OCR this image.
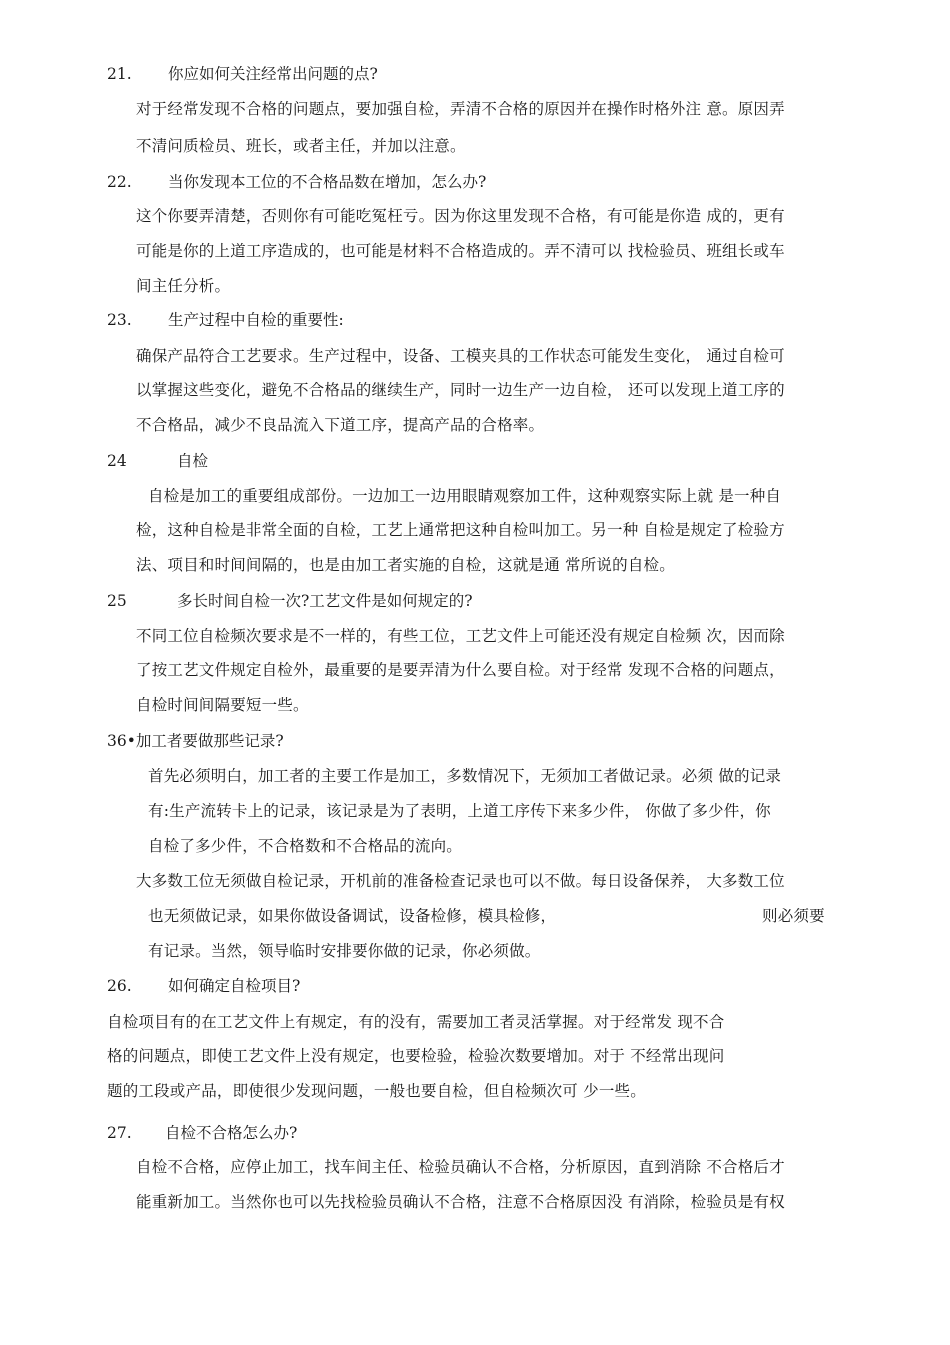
21. 你应如何关注经常出问题的点?
对于经常发现不合格的问题点，要加强自检，弄清不合格的原因并在操作时格外注 意。原因弄
不清问质检员、班长，或者主任，并加以注意。
22. 当你发现本工位的不合格品数在增加，怎么办?
这个你要弄清楚，否则你有可能吃冤枉亏。因为你这里发现不合格，有可能是你造 成的，更有
可能是你的上道工序造成的，也可能是材料不合格造成的。弄不清可以 找检验员、班组长或车
间主任分析。
23. 生产过程中自检的重要性:
确保产品符合工艺要求。生产过程中，设备、工模夹具的工作状态可能发生变化， 通过自检可
以掌握这些变化，避免不合格品的继续生产，同时一边生产一边自检， 还可以发现上道工序的
不合格品，减少不良品流入下道工序，提高产品的合格率。
24	自检
自检是加工的重要组成部份。一边加工一边用眼睛观察加工件，这种观察实际上就 是一种自
检，这种自检是非常全面的自检，工艺上通常把这种自检叫加工。另一种 自检是规定了检验方
法、项目和时间间隔的，也是由加工者实施的自检，这就是通 常所说的自检。
25	多长时间自检一次?工艺文件是如何规定的?
不同工位自检频次要求是不一样的，有些工位，工艺文件上可能还没有规定自检频 次，因而除
了按工艺文件规定自检外，最重要的是要弄清为什么要自检。对于经常 发现不合格的问题点，
自检时间间隔要短一些。
36•加工者要做那些记录?
首先必须明白，加工者的主要工作是加工，多数情况下，无须加工者做记录。必须 做的记录
有:生产流转卡上的记录，该记录是为了表明，上道工序传下来多少件， 你做了多少件，你
自检了多少件，不合格数和不合格品的流向。
大多数工位无须做自检记录，开机前的准备检查记录也可以不做。每日设备保养， 大多数工位
也无须做记录，如果你做设备调试，设备检修，模具检修，	则必须要
有记录。当然，领导临时安排要你做的记录，你必须做。
26. 如何确定自检项目?
自检项目有的在工艺文件上有规定，有的没有，需要加工者灵活掌握。对于经常发 现不合
格的问题点，即使工艺文件上没有规定，也要检验，检验次数要增加。对于 不经常出现问
题的工段或产品，即使很少发现问题，一般也要自检，但自检频次可 少一些。
27. 自检不合格怎么办?
自检不合格，应停止加工，找车间主任、检验员确认不合格，分析原因，直到消除 不合格后才
能重新加工。当然你也可以先找检验员确认不合格，注意不合格原因没 有消除，检验员是有权
